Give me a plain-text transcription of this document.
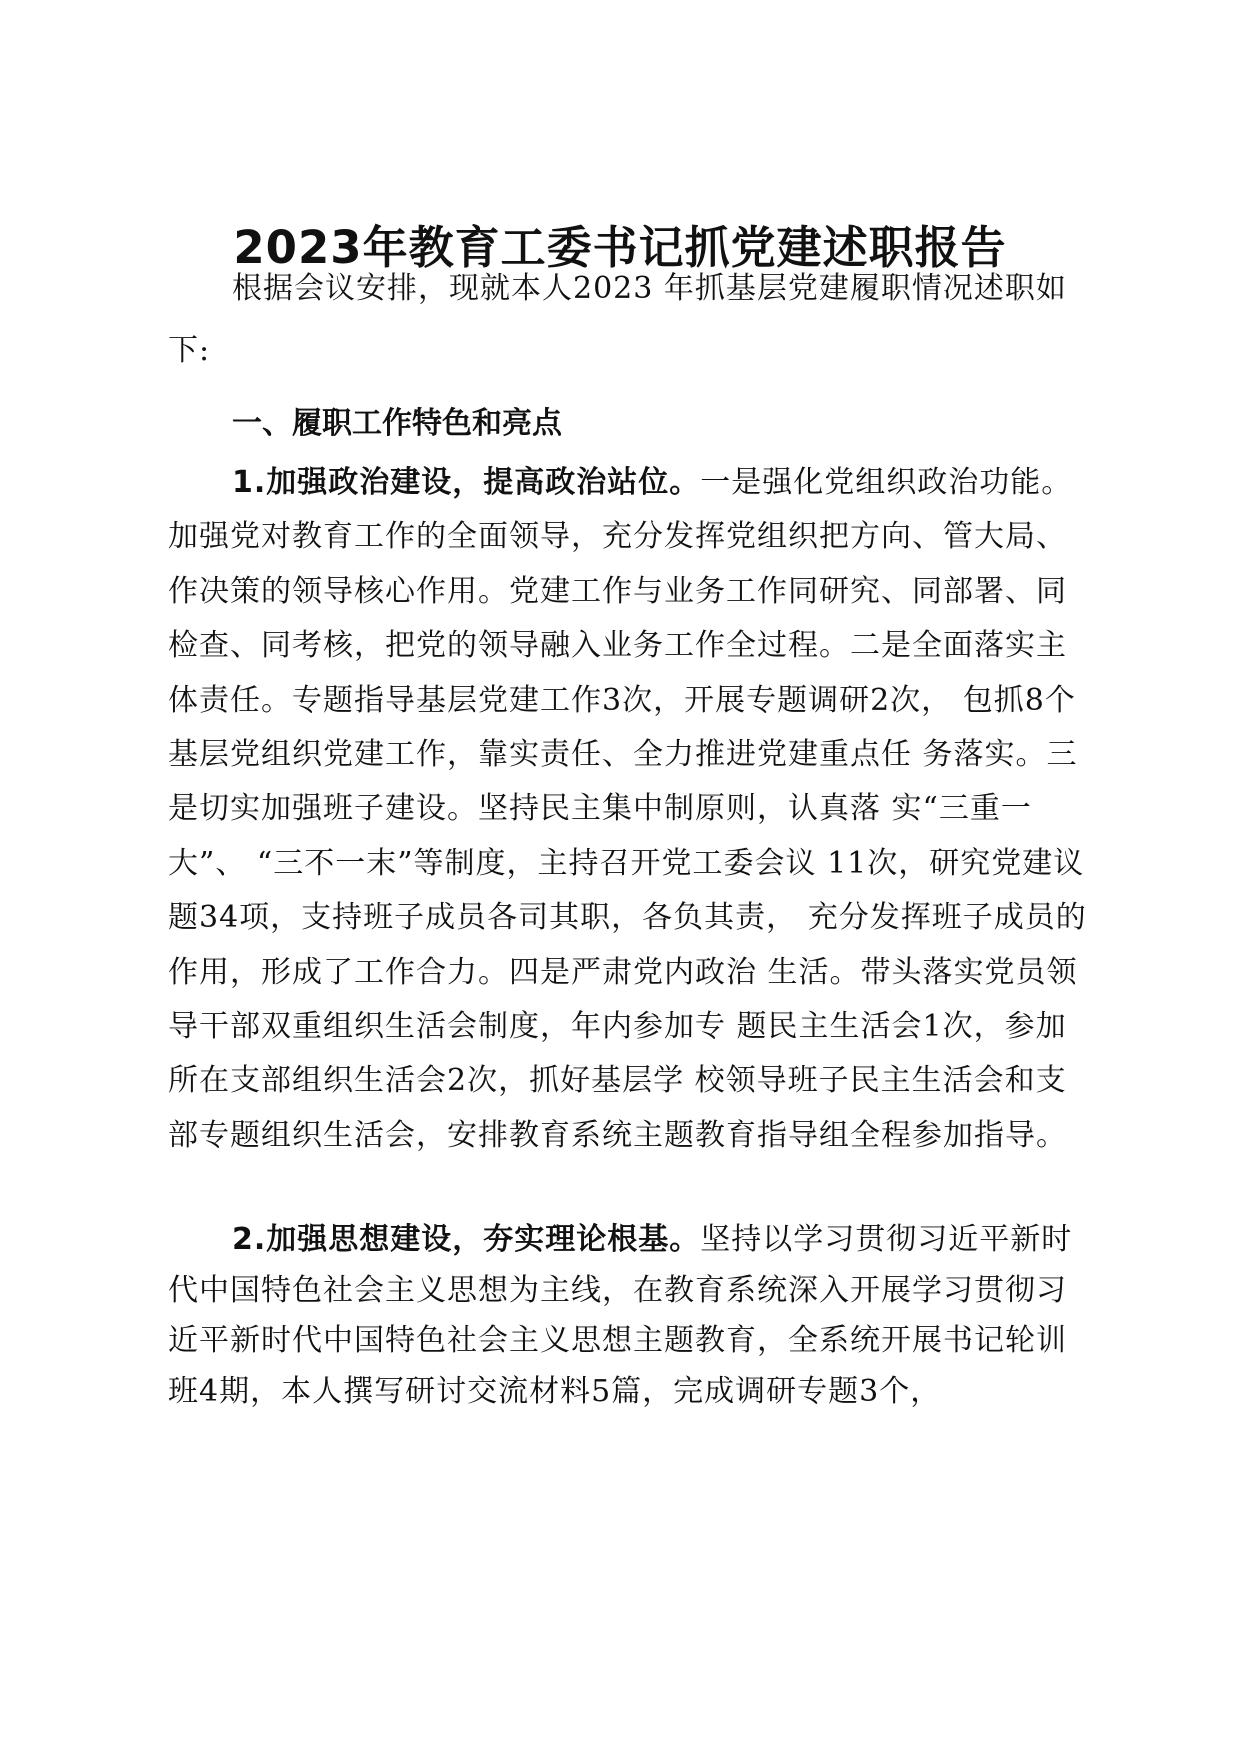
2023年教育工委书记抓党建述职报告

根据会议安排，现就本人2023 年抓基层党建履职情况述职如下:

一、履职工作特色和亮点

1.加强政治建设，提高政治站位。一是强化党组织政治功能。加强党对教育工作的全面领导，充分发挥党组织把方向、管大局、作决策的领导核心作用。党建工作与业务工作同研究、同部署、同检查、同考核，把党的领导融入业务工作全过程。二是全面落实主体责任。专题指导基层党建工作3次，开展专题调研2次， 包抓8个基层党组织党建工作，靠实责任、全力推进党建重点任 务落实。三是切实加强班子建设。坚持民主集中制原则，认真落 实“三重一大”、 “三不一末”等制度，主持召开党工委会议 11次，研究党建议题34项，支持班子成员各司其职，各负其责， 充分发挥班子成员的作用，形成了工作合力。四是严肃党内政治 生活。带头落实党员领导干部双重组织生活会制度，年内参加专 题民主生活会1次，参加所在支部组织生活会2次，抓好基层学 校领导班子民主生活会和支部专题组织生活会，安排教育系统主题教育指导组全程参加指导。

2.加强思想建设，夯实理论根基。坚持以学习贯彻习近平新时代中国特色社会主义思想为主线，在教育系统深入开展学习贯彻习近平新时代中国特色社会主义思想主题教育，全系统开展书记轮训班4期，本人撰写研讨交流材料5篇，完成调研专题3个，
